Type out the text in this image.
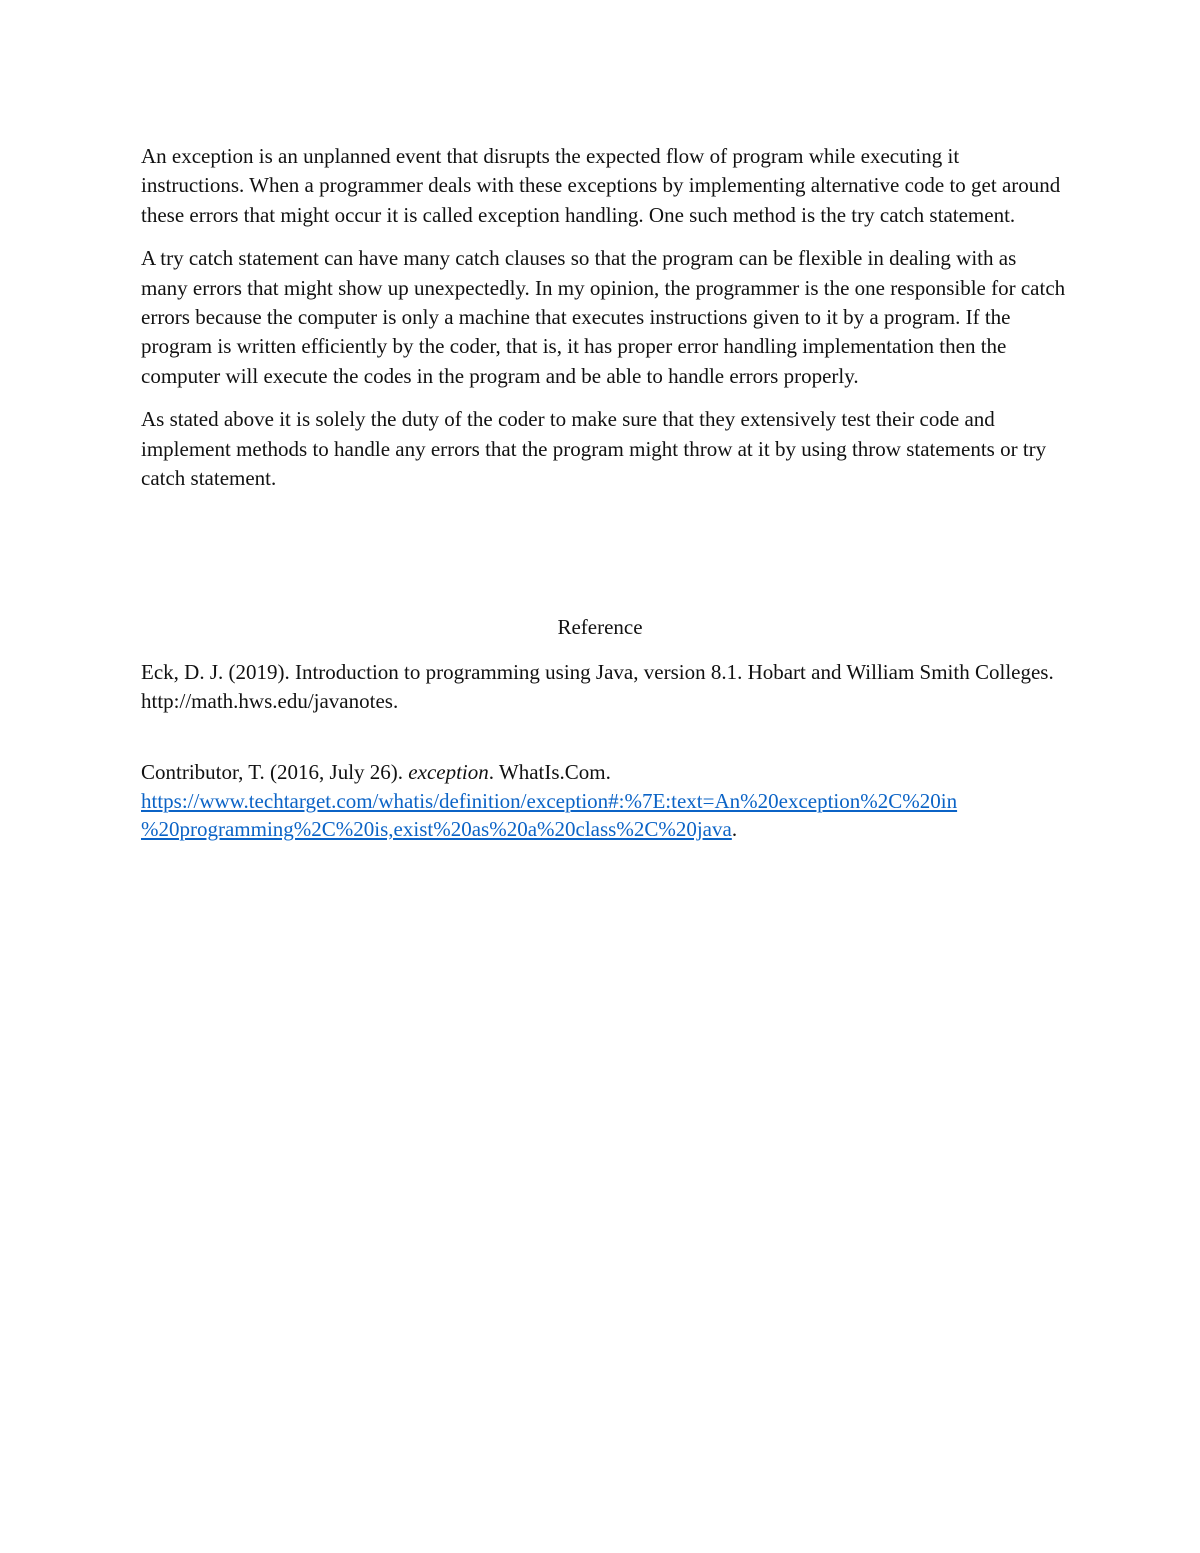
An exception is an unplanned event that disrupts the expected flow of program while executing it instructions. When a programmer deals with these exceptions by implementing alternative code to get around these errors that might occur it is called exception handling. One such method is the try catch statement.

A try catch statement can have many catch clauses so that the program can be flexible in dealing with as many errors that might show up unexpectedly. In my opinion, the programmer is the one responsible for catch errors because the computer is only a machine that executes instructions given to it by a program. If the program is written efficiently by the coder, that is, it has proper error handling implementation then the computer will execute the codes in the program and be able to handle errors properly.

As stated above it is solely the duty of the coder to make sure that they extensively test their code and implement methods to handle any errors that the program might throw at it by using throw statements or try catch statement.

Reference
Eck, D. J. (2019). Introduction to programming using Java, version 8.1. Hobart and William Smith Colleges. http://math.hws.edu/javanotes.
Contributor, T. (2016, July 26). exception. WhatIs.Com.
https://www.techtarget.com/whatis/definition/exception#:%7E:text=An%20exception%2C%20in
%20programming%2C%20is,exist%20as%20a%20class%2C%20java.
